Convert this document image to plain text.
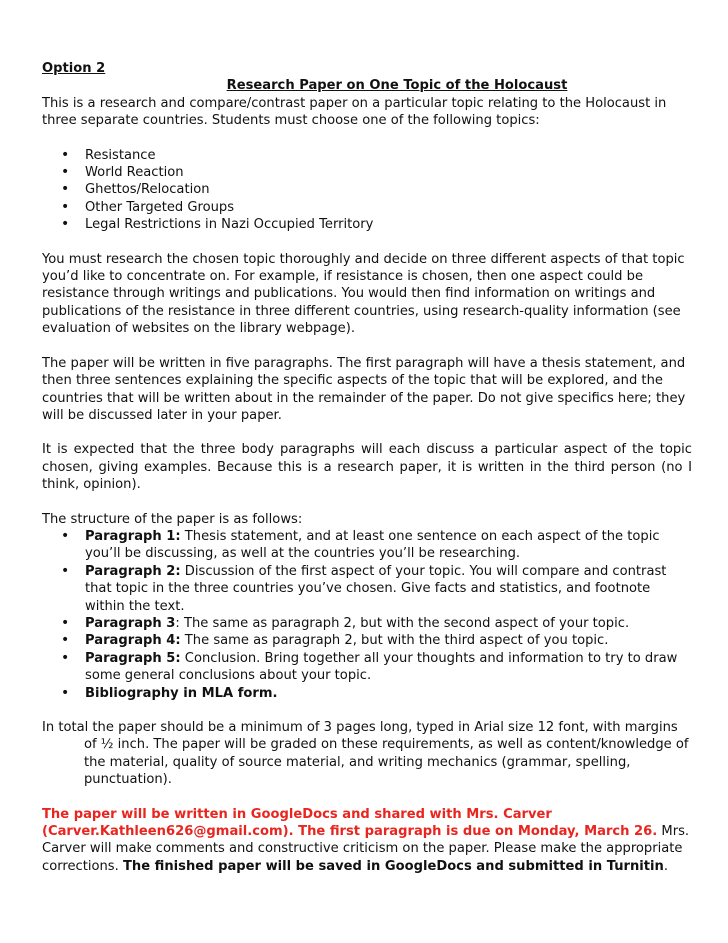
Option 2

Research Paper on One Topic of the Holocaust

This is a research and compare/contrast paper on a particular topic relating to the Holocaust in three separate countries. Students must choose one of the following topics:

• Resistance
• World Reaction
• Ghettos/Relocation
• Other Targeted Groups
• Legal Restrictions in Nazi Occupied Territory

You must research the chosen topic thoroughly and decide on three different aspects of that topic you’d like to concentrate on. For example, if resistance is chosen, then one aspect could be resistance through writings and publications. You would then find information on writings and publications of the resistance in three different countries, using research-quality information (see evaluation of websites on the library webpage).

The paper will be written in five paragraphs. The first paragraph will have a thesis statement, and then three sentences explaining the specific aspects of the topic that will be explored, and the countries that will be written about in the remainder of the paper. Do not give specifics here; they will be discussed later in your paper.

It is expected that the three body paragraphs will each discuss a particular aspect of the topic chosen, giving examples. Because this is a research paper, it is written in the third person (no I think, opinion).

The structure of the paper is as follows:

• Paragraph 1: Thesis statement, and at least one sentence on each aspect of the topic you’ll be discussing, as well at the countries you’ll be researching.
• Paragraph 2: Discussion of the first aspect of your topic. You will compare and contrast that topic in the three countries you’ve chosen. Give facts and statistics, and footnote within the text.
• Paragraph 3: The same as paragraph 2, but with the second aspect of your topic.
• Paragraph 4: The same as paragraph 2, but with the third aspect of you topic.
• Paragraph 5: Conclusion. Bring together all your thoughts and information to try to draw some general conclusions about your topic.
• Bibliography in MLA form.

In total the paper should be a minimum of 3 pages long, typed in Arial size 12 font, with margins of ½ inch. The paper will be graded on these requirements, as well as content/knowledge of the material, quality of source material, and writing mechanics (grammar, spelling, punctuation).

The paper will be written in GoogleDocs and shared with Mrs. Carver (Carver.Kathleen626@gmail.com). The first paragraph is due on Monday, March 26. Mrs. Carver will make comments and constructive criticism on the paper. Please make the appropriate corrections. The finished paper will be saved in GoogleDocs and submitted in Turnitin.
